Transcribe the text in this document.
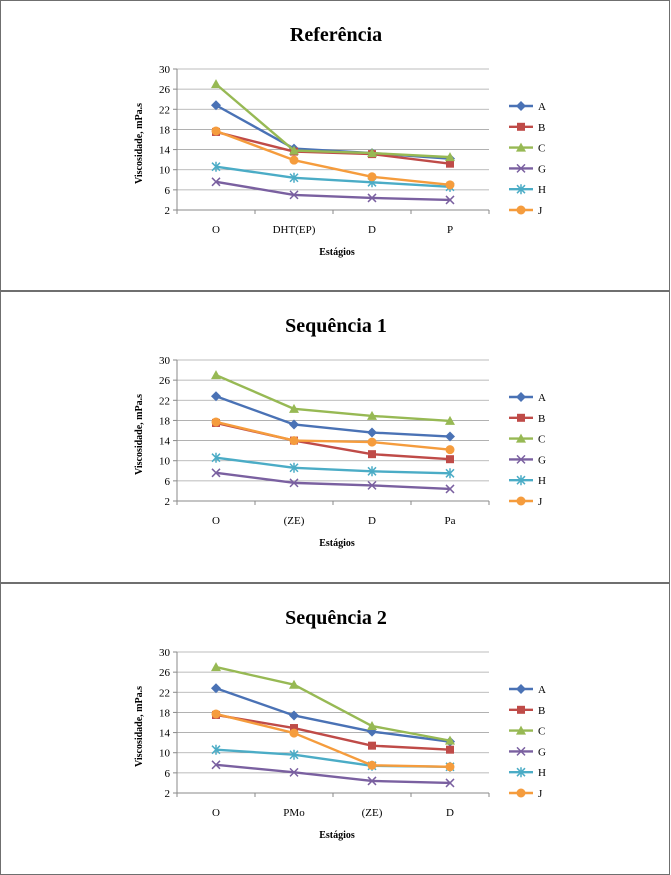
Referência
2
6
10
14
18
22
26
30
O	DHT(EP)	D	P
Estágios
Viscosidade, mPa.s	A
B
C
G
H
J
Sequência 1
2
6
10
14
18
22
26
30
O	(ZE)	D	Pa
Estágios
Viscosidade, mPa.s	A
B
C
G
H
J
Sequência 2
2
6
10
14
18
22
26
30
O	PMo	(ZE)	D
Estágios
Viscosidade, mPa.s	A
B
C
G
H
J
